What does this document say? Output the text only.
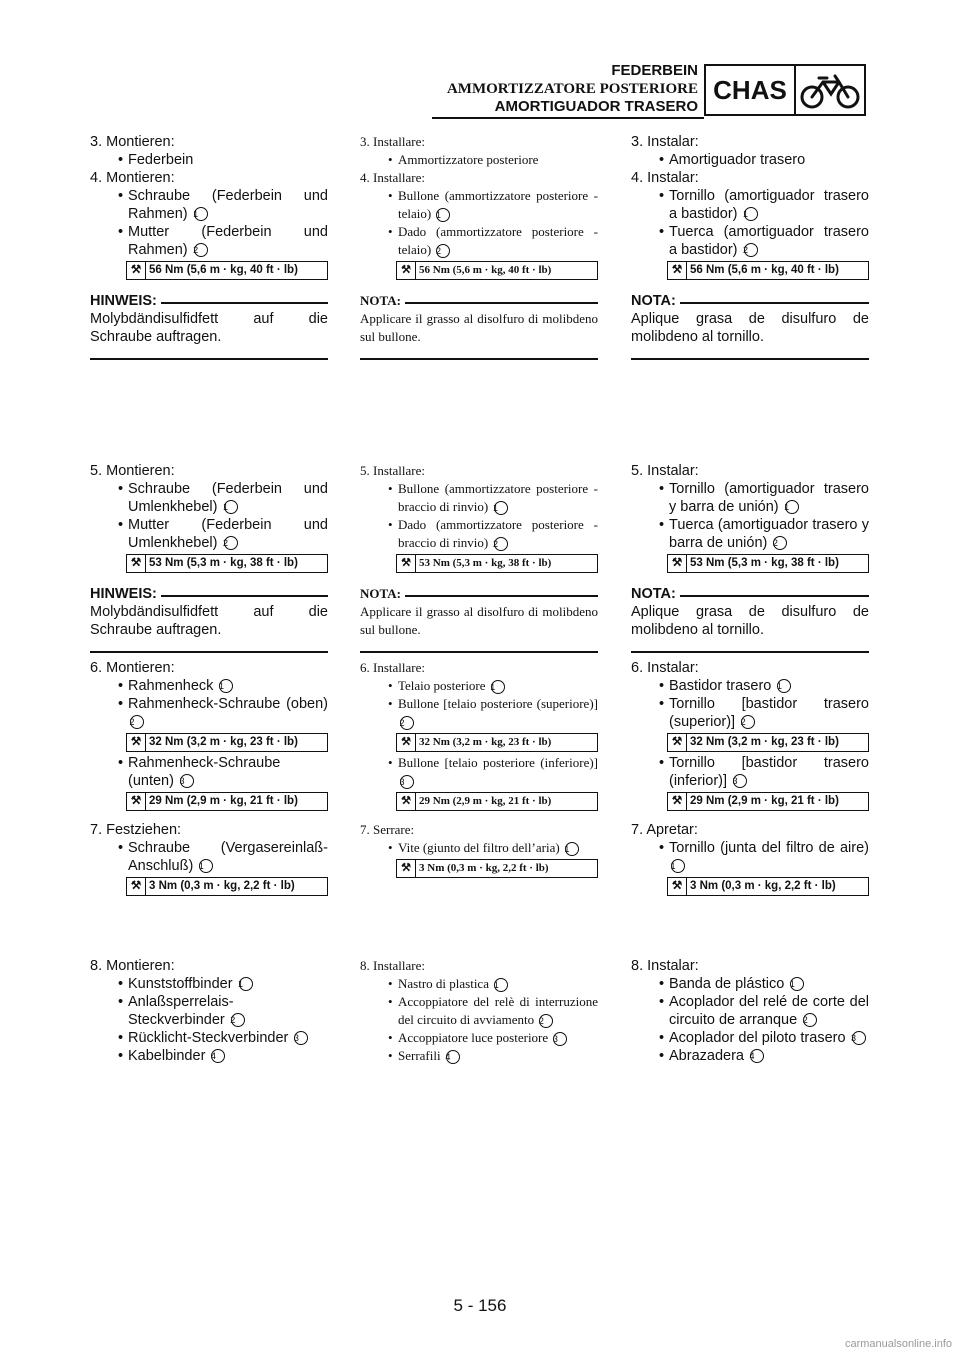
FEDERBEIN
AMMORTIZZATORE POSTERIORE
AMORTIGUADOR TRASERO
CHAS
3. Montieren:
• Federbein
4. Montieren:
• Schraube (Federbein und Rahmen) 1
• Mutter (Federbein und Rahmen) 2
⚒ 56 Nm (5,6 m · kg, 40 ft · lb)
HINWEIS:
Molybdändisulfidfett auf die Schraube auftragen.
3. Installare:
• Ammortizzatore posteriore
4. Installare:
• Bullone (ammortizzatore posteriore - telaio) 1
• Dado (ammortizzatore posteriore - telaio) 2
⚒ 56 Nm (5,6 m · kg, 40 ft · lb)
NOTA:
Applicare il grasso al disolfuro di molibdeno sul bullone.
3. Instalar:
• Amortiguador trasero
4. Instalar:
• Tornillo (amortiguador trasero a bastidor) 1
• Tuerca (amortiguador trasero a bastidor) 2
⚒ 56 Nm (5,6 m · kg, 40 ft · lb)
NOTA:
Aplique grasa de disulfuro de molibdeno al tornillo.
5. Montieren:
• Schraube (Federbein und Umlenkhebel) 1
• Mutter (Federbein und Umlenkhebel) 2
⚒ 53 Nm (5,3 m · kg, 38 ft · lb)
HINWEIS:
Molybdändisulfidfett auf die Schraube auftragen.
6. Montieren:
• Rahmenheck 1
• Rahmenheck-Schraube (oben) 2
⚒ 32 Nm (3,2 m · kg, 23 ft · lb)
• Rahmenheck-Schraube (unten) 3
⚒ 29 Nm (2,9 m · kg, 21 ft · lb)
7. Festziehen:
• Schraube (Vergasereinlaß-Anschluß) 1
⚒ 3 Nm (0,3 m · kg, 2,2 ft · lb)
5. Installare:
• Bullone (ammortizzatore posteriore - braccio di rinvio) 1
• Dado (ammortizzatore posteriore - braccio di rinvio) 2
⚒ 53 Nm (5,3 m · kg, 38 ft · lb)
NOTA:
Applicare il grasso al disolfuro di molibdeno sul bullone.
6. Installare:
• Telaio posteriore 1
• Bullone [telaio posteriore (superiore)] 2
⚒ 32 Nm (3,2 m · kg, 23 ft · lb)
• Bullone [telaio posteriore (inferiore)] 3
⚒ 29 Nm (2,9 m · kg, 21 ft · lb)
7. Serrare:
• Vite (giunto del filtro dell’aria) 1
⚒ 3 Nm (0,3 m · kg, 2,2 ft · lb)
5. Instalar:
• Tornillo (amortiguador trasero y barra de unión) 1
• Tuerca (amortiguador trasero y barra de unión) 2
⚒ 53 Nm (5,3 m · kg, 38 ft · lb)
NOTA:
Aplique grasa de disulfuro de molibdeno al tornillo.
6. Instalar:
• Bastidor trasero 1
• Tornillo [bastidor trasero (superior)] 2
⚒ 32 Nm (3,2 m · kg, 23 ft · lb)
• Tornillo [bastidor trasero (inferior)] 3
⚒ 29 Nm (2,9 m · kg, 21 ft · lb)
7. Apretar:
• Tornillo (junta del filtro de aire) 1
⚒ 3 Nm (0,3 m · kg, 2,2 ft · lb)
8. Montieren:
• Kunststoffbinder 1
• Anlaßsperrelais-Steckverbinder 2
• Rücklicht-Steckverbinder 3
• Kabelbinder 4
8. Installare:
• Nastro di plastica 1
• Accoppiatore del relè di interruzione del circuito di avviamento 2
• Accoppiatore luce posteriore 3
• Serrafili 4
8. Instalar:
• Banda de plástico 1
• Acoplador del relé de corte del circuito de arranque 2
• Acoplador del piloto trasero 3
• Abrazadera 4
5 - 156
carmanualsonline.info
